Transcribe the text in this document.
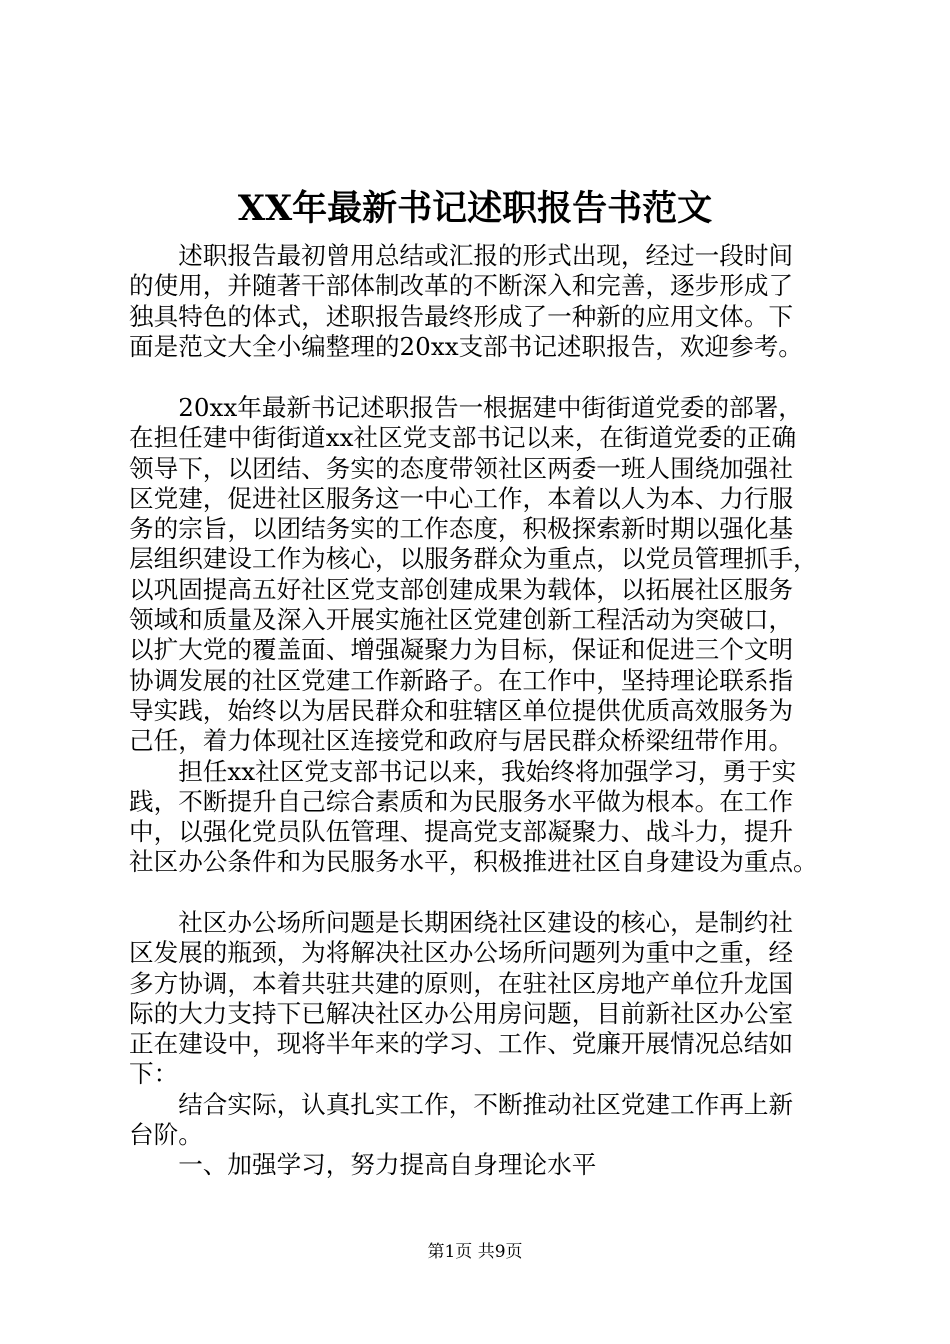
XX年最新书记述职报告书范文
　　述职报告最初曾用总结或汇报的形式出现，经过一段时间
的使用，并随著干部体制改革的不断深入和完善，逐步形成了
独具特色的体式，述职报告最终形成了一种新的应用文体。下
面是范文大全小编整理的20xx支部书记述职报告，欢迎参考。
　　20xx年最新书记述职报告一根据建中街街道党委的部署，
在担任建中街街道xx社区党支部书记以来，在街道党委的正确
领导下，以团结、务实的态度带领社区两委一班人围绕加强社
区党建，促进社区服务这一中心工作，本着以人为本、力行服
务的宗旨，以团结务实的工作态度，积极探索新时期以强化基
层组织建设工作为核心，以服务群众为重点，以党员管理抓手，
以巩固提高五好社区党支部创建成果为载体，以拓展社区服务
领域和质量及深入开展实施社区党建创新工程活动为突破口，
以扩大党的覆盖面、增强凝聚力为目标，保证和促进三个文明
协调发展的社区党建工作新路子。在工作中，坚持理论联系指
导实践，始终以为居民群众和驻辖区单位提供优质高效服务为
己任，着力体现社区连接党和政府与居民群众桥梁纽带作用。
　　担任xx社区党支部书记以来，我始终将加强学习，勇于实
践，不断提升自己综合素质和为民服务水平做为根本。在工作
中，以强化党员队伍管理、提高党支部凝聚力、战斗力，提升
社区办公条件和为民服务水平，积极推进社区自身建设为重点。
　　社区办公场所问题是长期困绕社区建设的核心，是制约社
区发展的瓶颈，为将解决社区办公场所问题列为重中之重，经
多方协调，本着共驻共建的原则，在驻社区房地产单位升龙国
际的大力支持下已解决社区办公用房问题，目前新社区办公室
正在建设中，现将半年来的学习、工作、党廉开展情况总结如
下：
　　结合实际，认真扎实工作，不断推动社区党建工作再上新
台阶。
　　一、加强学习，努力提高自身理论水平
第1页 共9页
